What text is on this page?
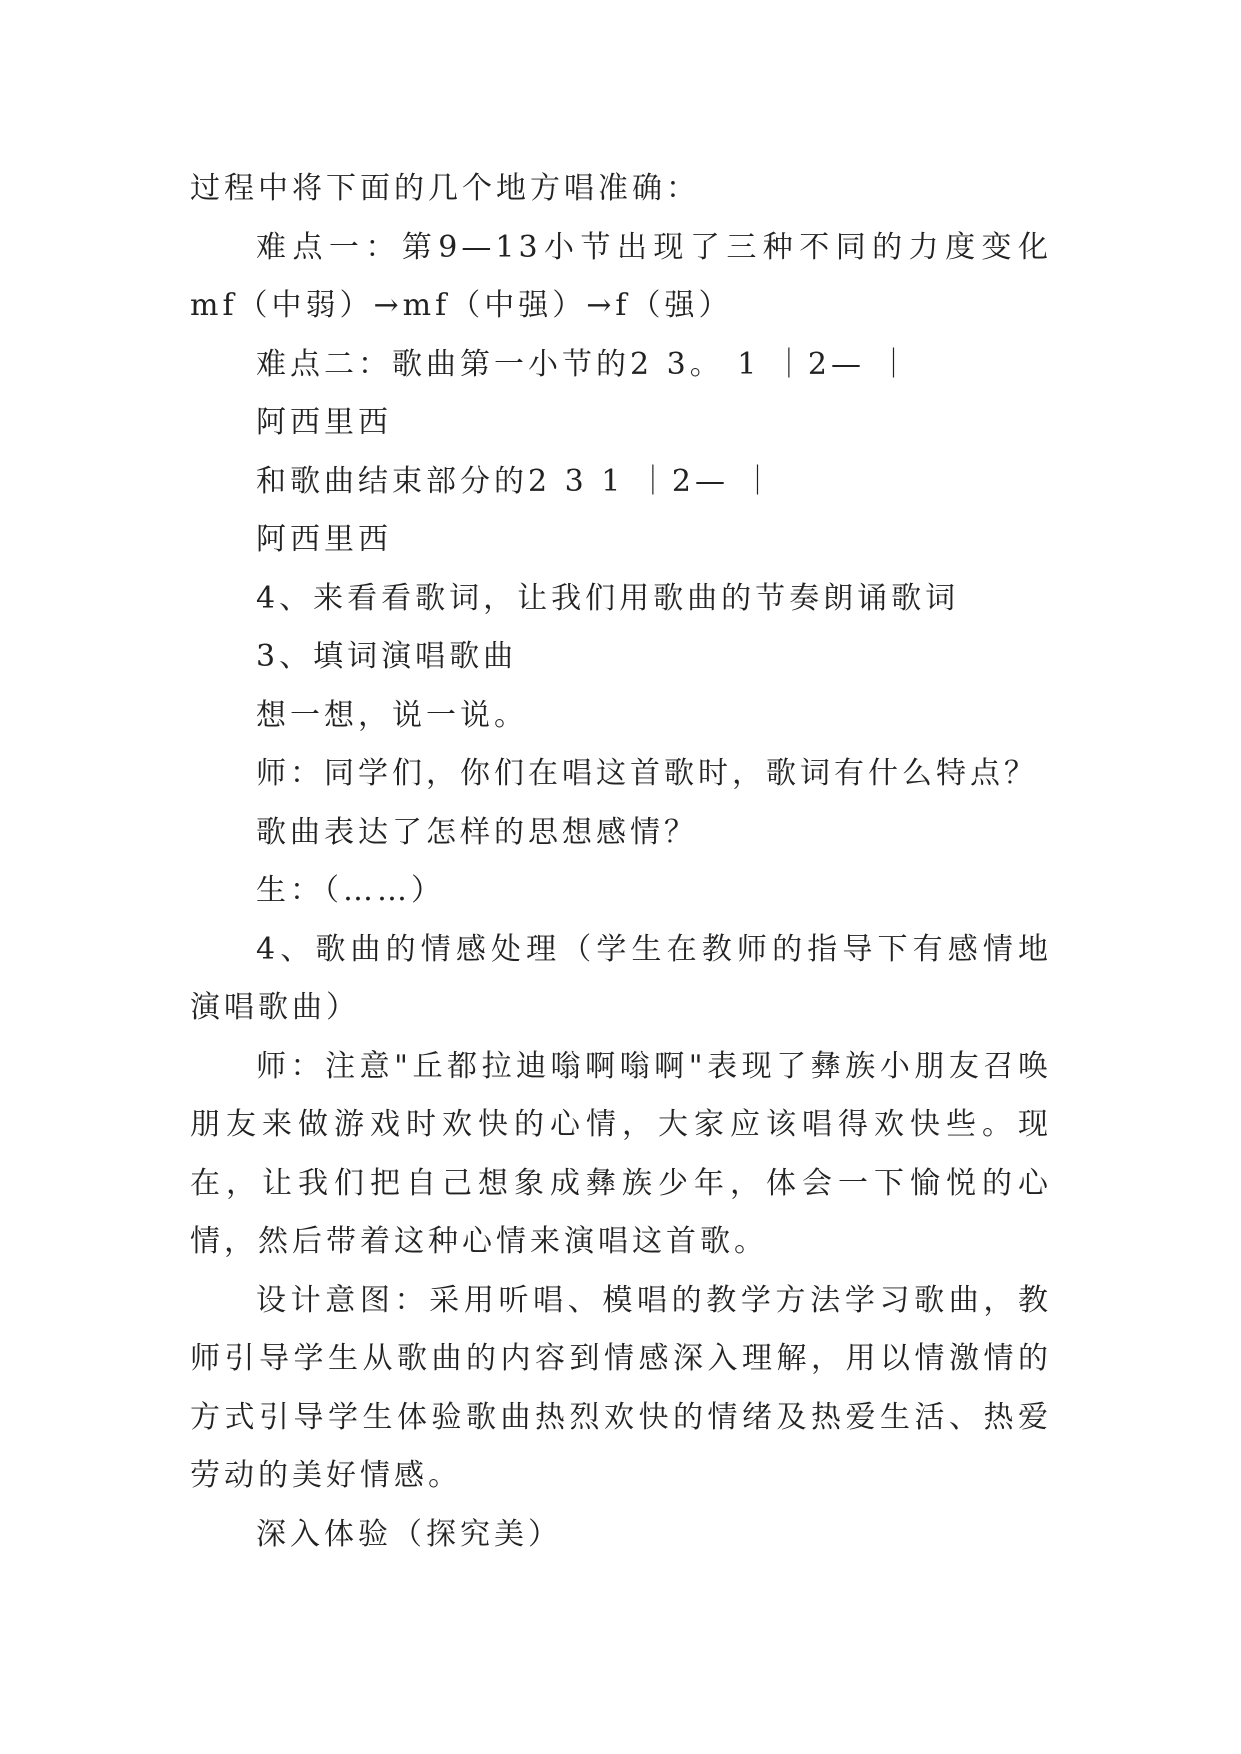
过程中将下面的几个地方唱准确：

难点一：第9—13小节出现了三种不同的力度变化mf（中弱）→mf（中强）→f（强）

难点二：歌曲第一小节的2 3。 1 ｜2— ｜

阿西里西

和歌曲结束部分的2 3 1 ｜2— ｜

阿西里西

4、来看看歌词，让我们用歌曲的节奏朗诵歌词

3、填词演唱歌曲

想一想，说一说。

师：同学们，你们在唱这首歌时，歌词有什么特点？

歌曲表达了怎样的思想感情？

生：（……）

4、歌曲的情感处理（学生在教师的指导下有感情地演唱歌曲）

师：注意"丘都拉迪嗡啊嗡啊"表现了彝族小朋友召唤朋友来做游戏时欢快的心情，大家应该唱得欢快些。现在，让我们把自己想象成彝族少年，体会一下愉悦的心情，然后带着这种心情来演唱这首歌。

设计意图：采用听唱、模唱的教学方法学习歌曲，教师引导学生从歌曲的内容到情感深入理解，用以情激情的方式引导学生体验歌曲热烈欢快的情绪及热爱生活、热爱劳动的美好情感。

深入体验（探究美）
